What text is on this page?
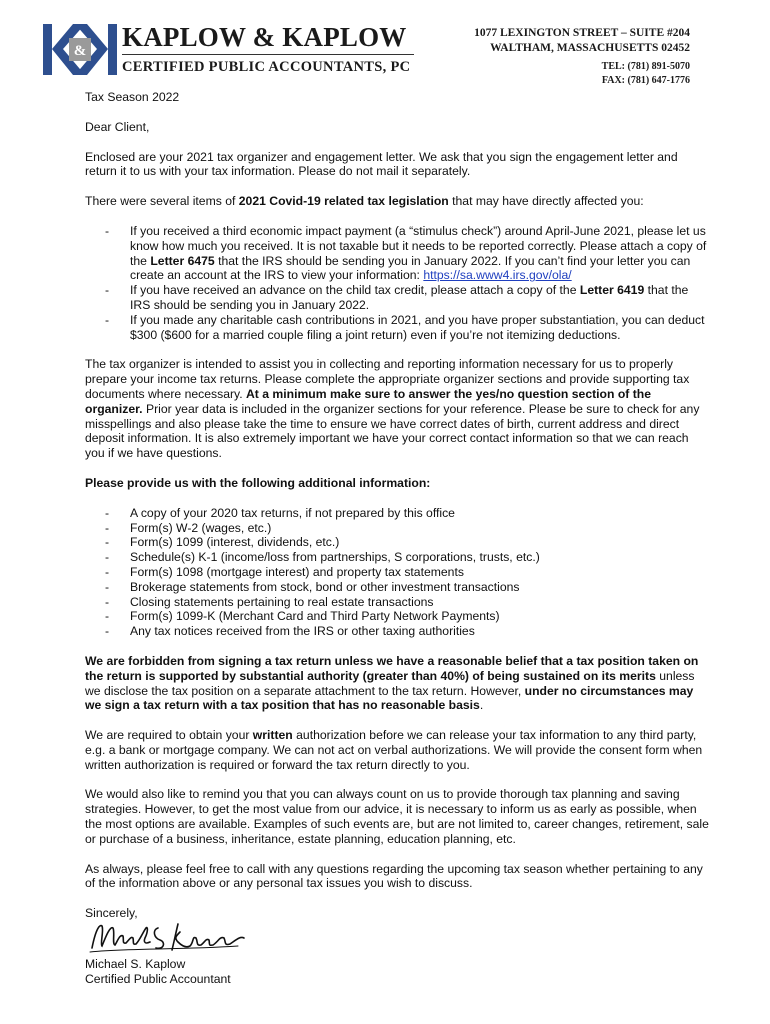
& KAPLOW & KAPLOW
CERTIFIED PUBLIC ACCOUNTANTS, PC
1077 LEXINGTON STREET – SUITE #204
WALTHAM, MASSACHUSETTS 02452
TEL: (781) 891-5070
FAX: (781) 647-1776

Tax Season 2022

Dear Client,

Enclosed are your 2021 tax organizer and engagement letter. We ask that you sign the engagement letter and return it to us with your tax information. Please do not mail it separately.

There were several items of 2021 Covid-19 related tax legislation that may have directly affected you:

- If you received a third economic impact payment (a “stimulus check”) around April-June 2021, please let us know how much you received. It is not taxable but it needs to be reported correctly. Please attach a copy of the Letter 6475 that the IRS should be sending you in January 2022. If you can’t find your letter you can create an account at the IRS to view your information: https://sa.www4.irs.gov/ola/
- If you have received an advance on the child tax credit, please attach a copy of the Letter 6419 that the IRS should be sending you in January 2022.
- If you made any charitable cash contributions in 2021, and you have proper substantiation, you can deduct $300 ($600 for a married couple filing a joint return) even if you’re not itemizing deductions.

The tax organizer is intended to assist you in collecting and reporting information necessary for us to properly prepare your income tax returns. Please complete the appropriate organizer sections and provide supporting tax documents where necessary. At a minimum make sure to answer the yes/no question section of the organizer. Prior year data is included in the organizer sections for your reference. Please be sure to check for any misspellings and also please take the time to ensure we have correct dates of birth, current address and direct deposit information. It is also extremely important we have your correct contact information so that we can reach you if we have questions.

Please provide us with the following additional information:

- A copy of your 2020 tax returns, if not prepared by this office
- Form(s) W-2 (wages, etc.)
- Form(s) 1099 (interest, dividends, etc.)
- Schedule(s) K-1 (income/loss from partnerships, S corporations, trusts, etc.)
- Form(s) 1098 (mortgage interest) and property tax statements
- Brokerage statements from stock, bond or other investment transactions
- Closing statements pertaining to real estate transactions
- Form(s) 1099-K (Merchant Card and Third Party Network Payments)
- Any tax notices received from the IRS or other taxing authorities

We are forbidden from signing a tax return unless we have a reasonable belief that a tax position taken on the return is supported by substantial authority (greater than 40%) of being sustained on its merits unless we disclose the tax position on a separate attachment to the tax return. However, under no circumstances may we sign a tax return with a tax position that has no reasonable basis.

We are required to obtain your written authorization before we can release your tax information to any third party, e.g. a bank or mortgage company. We can not act on verbal authorizations. We will provide the consent form when written authorization is required or forward the tax return directly to you.

We would also like to remind you that you can always count on us to provide thorough tax planning and saving strategies. However, to get the most value from our advice, it is necessary to inform us as early as possible, when the most options are available. Examples of such events are, but are not limited to, career changes, retirement, sale or purchase of a business, inheritance, estate planning, education planning, etc.

As always, please feel free to call with any questions regarding the upcoming tax season whether pertaining to any of the information above or any personal tax issues you wish to discuss.

Sincerely,

Michael S. Kaplow

Certified Public Accountant
